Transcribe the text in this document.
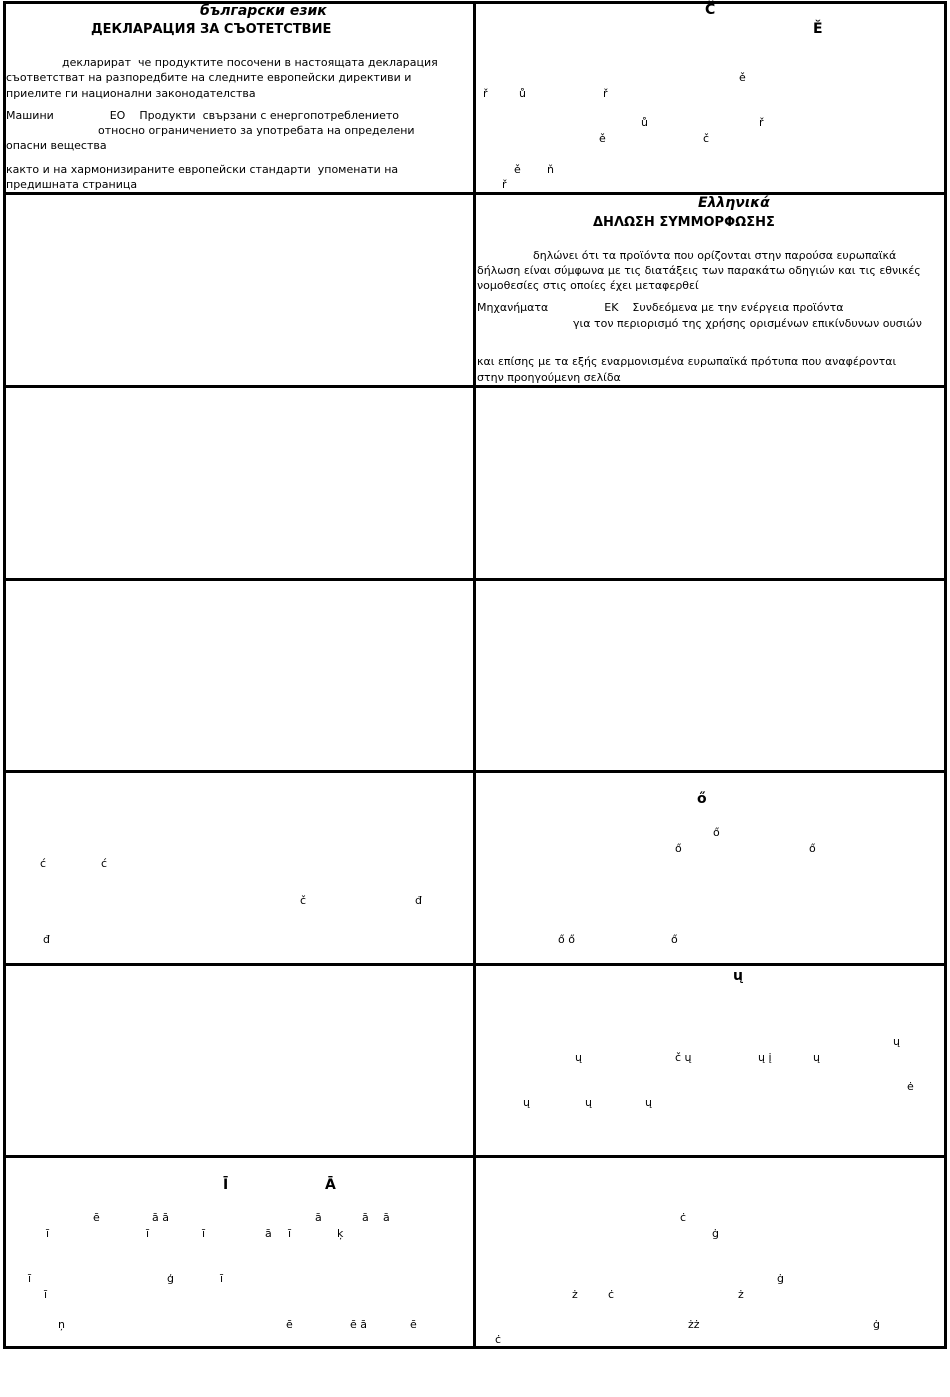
български език
ДЕКЛАРАЦИЯ ЗА СЪОТЕТСТВИЕ
декларират  че продуктите посочени в настоящата декларация
съответстват на разпоредбите на следните европейски директиви и
приелите ги национални законодателства
Машини                ЕО    Продукти  свързани с енергопотреблението
относно ограничението за употребата на определени
опасни вещества
както и на хармонизираните европейски стандарти  упоменати на
предишната страница
Č
Ě
ě
ř	ů	ř
ů	ř
ě	č
ě ň
ř
Ελληνικά
ΔΗΛΩΣΗ ΣΥΜΜΟΡΦΩΣΗΣ
δηλώνει ότι τα προϊόντα που ορίζονται στην παρούσα ευρωπαϊκά
δήλωση είναι σύμφωνα με τις διατάξεις των παρακάτω οδηγιών και τις εθνικές
νομοθεσίες στις οποίες έχει μεταφερθεί
Μηχανήματα                ΕΚ    Συνδεόμενα με την ενέργεια προϊόντα
για τον περιορισμό της χρήσης ορισμένων επικίνδυνων ουσιών
και επίσης με τα εξής εναρμονισμένα ευρωπαϊκά πρότυπα που αναφέρονται
στην προηγούμενη σελίδα
ć	ć
č	đ
đ
ő
ő
ő	ő
ő ő	ő
ų
ų
ų	č ų	ų į	ų
ė
ų	ų	ų
Ī	Ā
ē	ā ā	ā	ā ā
ī	ī	ī	ā ī	ķ
ī	ģ	ī
ī
ņ	ē	ē ā	ē
ċ
ġ
ġ
ż	ċ	ż
żż	ġ
ċ
